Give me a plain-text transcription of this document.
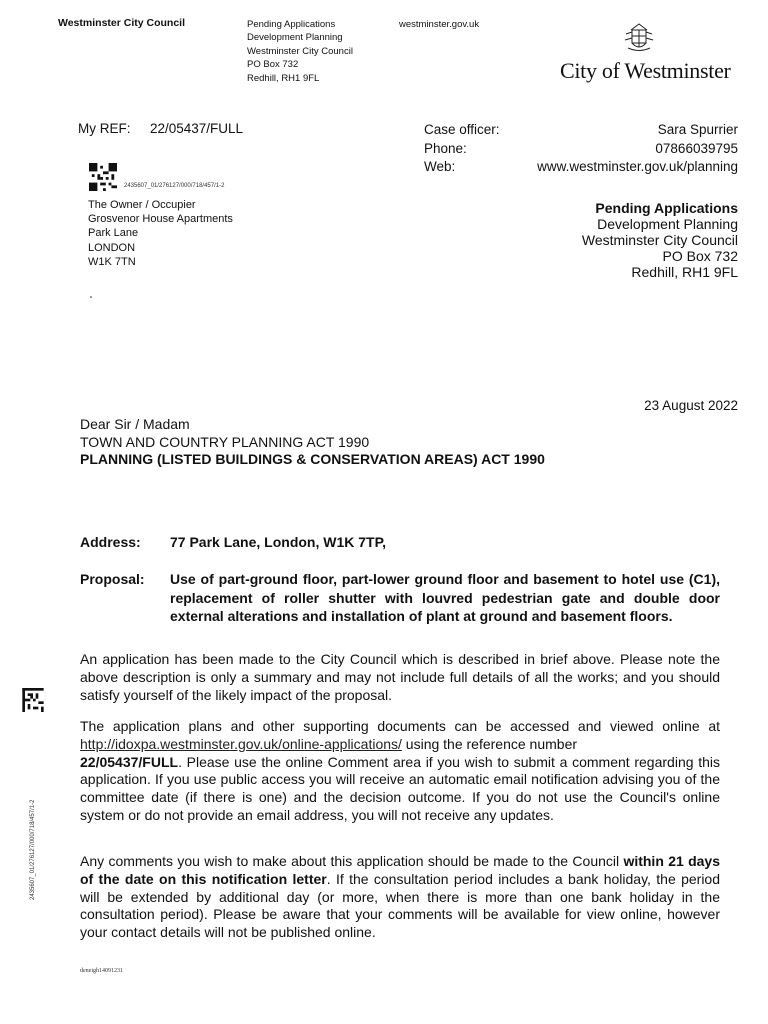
Westminster City Council	Pending Applications
Development Planning
Westminster City Council
PO Box 732
Redhill, RH1 9FL
westminster.gov.uk
City of Westminster
My REF: 22/05437/FULL	Case officer:
Phone:
Web:
Sara Spurrier
07866039795
www.westminster.gov.uk/planning
2435607_01/276127/000/718/457/1-2
The Owner / Occupier
Grosvenor House Apartments
Park Lane
LONDON
W1K 7TN
Pending Applications
Development Planning
Westminster City Council
PO Box 732
Redhill, RH1 9FL
23 August 2022
Dear Sir / Madam
TOWN AND COUNTRY PLANNING ACT 1990
PLANNING (LISTED BUILDINGS & CONSERVATION AREAS) ACT 1990
Address: 77 Park Lane, London, W1K 7TP,
Proposal: Use of part-ground floor, part-lower ground floor and basement to hotel use (C1), replacement of roller shutter with louvred pedestrian gate and double door external alterations and installation of plant at ground and basement floors.
An application has been made to the City Council which is described in brief above. Please note the above description is only a summary and may not include full details of all the works; and you should satisfy yourself of the likely impact of the proposal.
The application plans and other supporting documents can be accessed and viewed online at http://idoxpa.westminster.gov.uk/online-applications/ using the reference number
22/05437/FULL. Please use the online Comment area if you wish to submit a comment regarding this application. If you use public access you will receive an automatic email notification advising you of the committee date (if there is one) and the decision outcome. If you do not use the Council's online system or do not provide an email address, you will not receive any updates.
Any comments you wish to make about this application should be made to the Council within 21 days of the date on this notification letter. If the consultation period includes a bank holiday, the period will be extended by additional day (or more, when there is more than one bank holiday in the consultation period). Please be aware that your comments will be available for view online, however your contact details will not be published online.
2435607_01/276127/000/718/457/1-2
deneigh14091231
